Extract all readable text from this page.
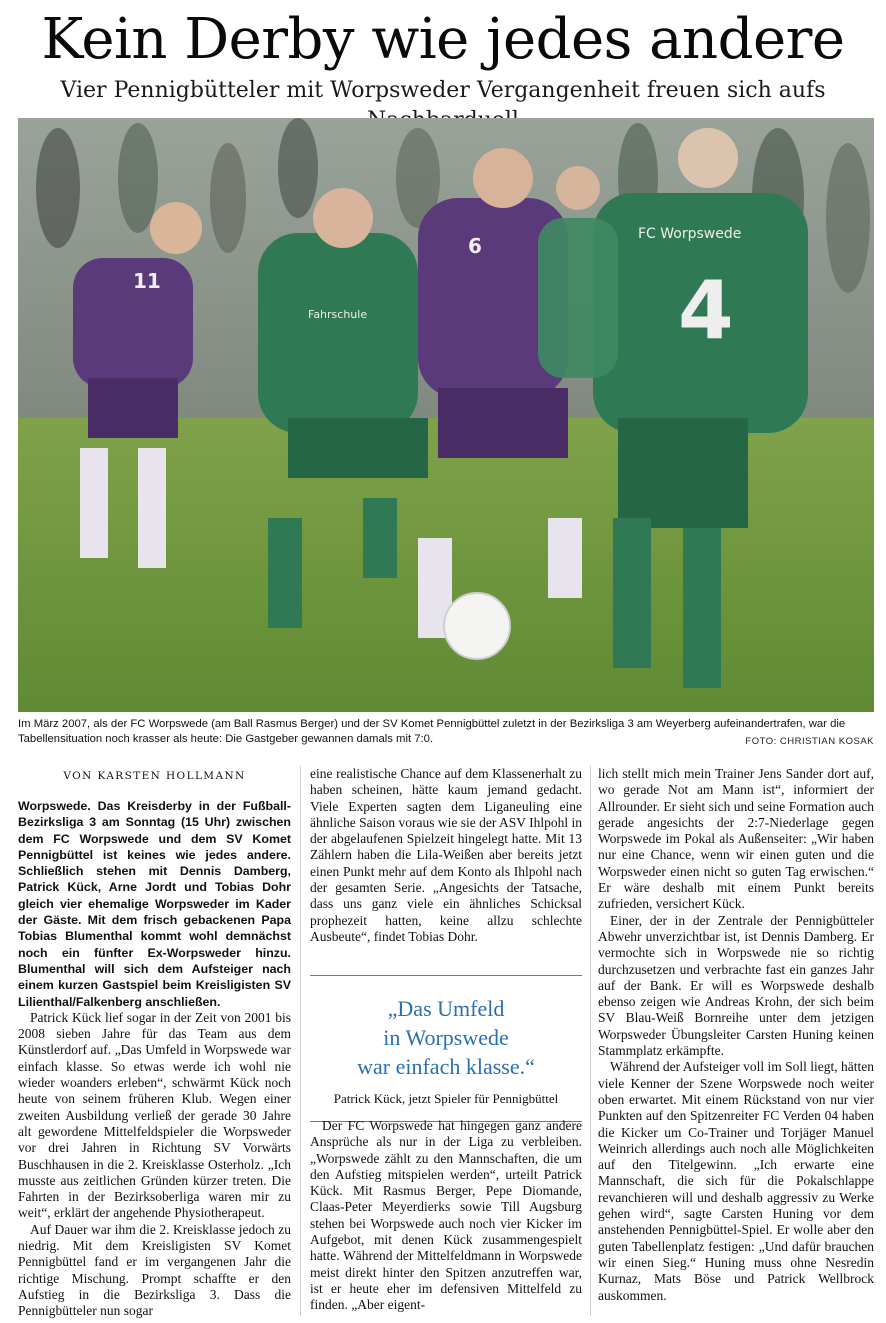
Kein Derby wie jedes andere
Vier Pennigbütteler mit Worpsweder Vergangenheit freuen sich aufs
11
6
Fahrschule	4
FC Worpswede
Im März 2007, als der FC Worpswede (am Ball Rasmus Berger) und der SV Komet Pennigbüttel zuletzt in der Bezirksliga 3 am Weyerberg aufeinandertrafen, war die Tabellensituation noch krasser als heute: Die Gastgeber gewannen damals mit 7:0.	FOTO: CHRISTIAN KOSAK
VON KARSTEN HOLLMANN

Worpswede. Das Kreisderby in der Fußball-Bezirksliga 3 am Sonntag (15 Uhr) zwischen dem FC Worpswede und dem SV Komet Pennigbüttel ist keines wie jedes andere. Schließlich stehen mit Dennis Damberg, Patrick Kück, Arne Jordt und Tobias Dohr gleich vier ehemalige Worpsweder im Kader der Gäste. Mit dem frisch gebackenen Papa Tobias Blumenthal kommt wohl demnächst noch ein fünfter Ex-Worpsweder hinzu. Blumenthal will sich dem Aufsteiger nach einem kurzen Gastspiel beim Kreisligisten SV Lilienthal/Falkenberg anschließen.

Patrick Kück lief sogar in der Zeit von 2001 bis 2008 sieben Jahre für das Team aus dem Künstlerdorf auf. „Das Umfeld in Worpswede war einfach klasse. So etwas werde ich wohl nie wieder woanders erleben“, schwärmt Kück noch heute von seinem früheren Klub. Wegen einer zweiten Ausbildung verließ der gerade 30 Jahre alt gewordene Mittelfeldspieler die Worpsweder vor drei Jahren in Richtung SV Vorwärts Buschhausen in die 2. Kreisklasse Osterholz. „Ich musste aus zeitlichen Gründen kürzer treten. Die Fahrten in der Bezirksoberliga waren mir zu weit“, erklärt der angehende Physiotherapeut.

Auf Dauer war ihm die 2. Kreisklasse jedoch zu niedrig. Mit dem Kreisligisten SV Komet Pennigbüttel fand er im vergangenen Jahr die richtige Mischung. Prompt schaffte er den Aufstieg in die Bezirksliga 3. Dass die Pennigbütteler nun sogar

eine realistische Chance auf dem Klassenerhalt zu haben scheinen, hätte kaum jemand gedacht. Viele Experten sagten dem Liganeuling eine ähnliche Saison voraus wie sie der ASV Ihlpohl in der abgelaufenen Spielzeit hingelegt hatte. Mit 13 Zählern haben die Lila-Weißen aber bereits jetzt einen Punkt mehr auf dem Konto als Ihlpohl nach der gesamten Serie. „Angesichts der Tatsache, dass uns ganz viele ein ähnliches Schicksal prophezeit hatten, keine allzu schlechte Ausbeute“, findet Tobias Dohr.

„Das Umfeld
in Worpswede
war einfach klasse.“
Patrick Kück, jetzt Spieler für Pennigbüttel

Der FC Worpswede hat hingegen ganz andere Ansprüche als nur in der Liga zu verbleiben. „Worpswede zählt zu den Mannschaften, die um den Aufstieg mitspielen werden“, urteilt Patrick Kück. Mit Rasmus Berger, Pepe Diomande, Claas-Peter Meyerdierks sowie Till Augsburg stehen bei Worpswede auch noch vier Kicker im Aufgebot, mit denen Kück zusammengespielt hatte. Während der Mittelfeldmann in Worpswede meist direkt hinter den Spitzen anzutreffen war, ist er heute eher im defensiven Mittelfeld zu finden. „Aber eigent-

lich stellt mich mein Trainer Jens Sander dort auf, wo gerade Not am Mann ist“, informiert der Allrounder. Er sieht sich und seine Formation auch gerade angesichts der 2:7-Niederlage gegen Worpswede im Pokal als Außenseiter: „Wir haben nur eine Chance, wenn wir einen guten und die Worpsweder einen nicht so guten Tag erwischen.“ Er wäre deshalb mit einem Punkt bereits zufrieden, versichert Kück.

Einer, der in der Zentrale der Pennigbütteler Abwehr unverzichtbar ist, ist Dennis Damberg. Er vermochte sich in Worpswede nie so richtig durchzusetzen und verbrachte fast ein ganzes Jahr auf der Bank. Er will es Worpswede deshalb ebenso zeigen wie Andreas Krohn, der sich beim SV Blau-Weiß Bornreihe unter dem jetzigen Worpsweder Übungsleiter Carsten Huning keinen Stammplatz erkämpfte.

Während der Aufsteiger voll im Soll liegt, hätten viele Kenner der Szene Worpswede noch weiter oben erwartet. Mit einem Rückstand von nur vier Punkten auf den Spitzenreiter FC Verden 04 haben die Kicker um Co-Trainer und Torjäger Manuel Weinrich allerdings auch noch alle Möglichkeiten auf den Titelgewinn. „Ich erwarte eine Mannschaft, die sich für die Pokalschlappe revanchieren will und deshalb aggressiv zu Werke gehen wird“, sagte Carsten Huning vor dem anstehenden Pennigbüttel-Spiel. Er wolle aber den guten Tabellenplatz festigen: „Und dafür brauchen wir einen Sieg.“ Huning muss ohne Nesredin Kurnaz, Mats Böse und Patrick Wellbrock auskommen.
